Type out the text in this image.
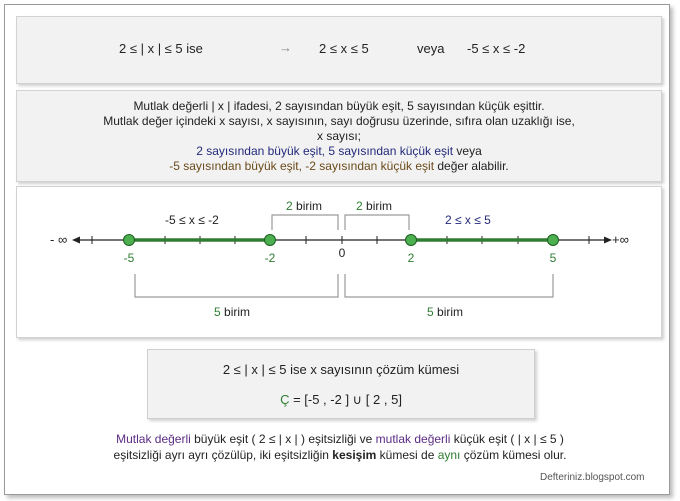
2 ≤ | x | ≤ 5 ise	→ 2 ≤ x ≤ 5	veya -5 ≤ x ≤ -2
Mutlak değerli | x | ifadesi, 2 sayısından büyük eşit, 5 sayısından küçük eşittir.
Mutlak değer içindeki x sayısı, x sayısının, sayı doğrusu üzerinde, sıfıra olan uzaklığı ise,
x sayısı;
2 sayısından büyük eşit, 5 sayısından küçük eşit veya
-5 sayısından büyük eşit, -2 sayısından küçük eşit değer alabilir.
- ∞	+∞
-5 ≤ x ≤ -2	2 ≤ x ≤ 5
2 birim	2 birim
-5	-2	0	2	5
5 birim	5 birim
2 ≤ | x | ≤ 5 ise x sayısının çözüm kümesi
Ç = [-5 , -2 ] ∪ [ 2 , 5]
Mutlak değerli büyük eşit ( 2 ≤ | x | ) eşitsizliği ve mutlak değerli küçük eşit ( | x | ≤ 5 )
eşitsizliği ayrı ayrı çözülüp, iki eşitsizliğin kesişim kümesi de aynı çözüm kümesi olur.
Defteriniz.blogspot.com
